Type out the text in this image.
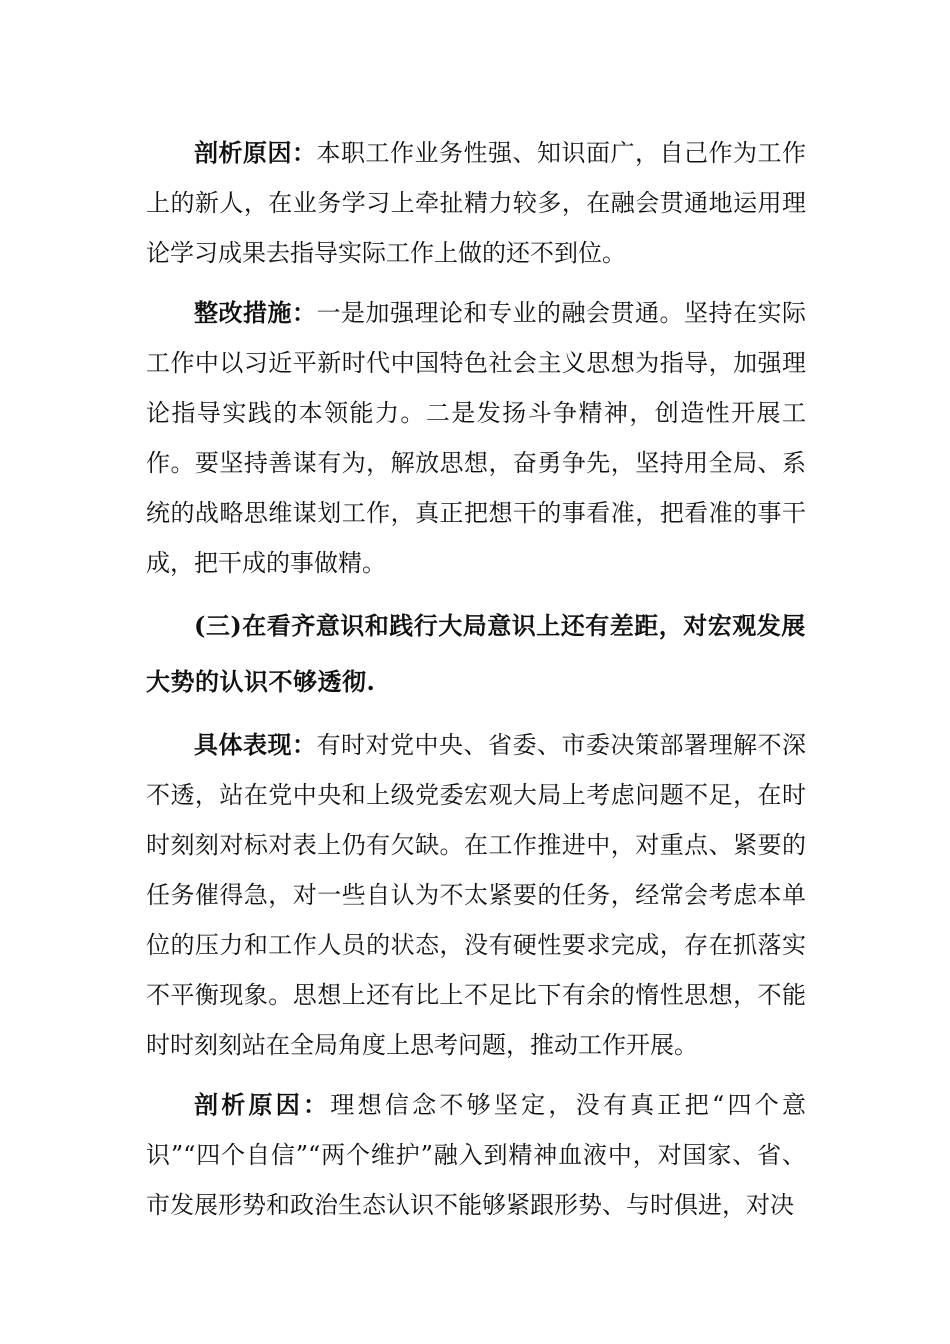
剖析原因：本职工作业务性强、知识面广，自己作为工作上的新人，在业务学习上牵扯精力较多，在融会贯通地运用理论学习成果去指导实际工作上做的还不到位。

整改措施：一是加强理论和专业的融会贯通。坚持在实际工作中以习近平新时代中国特色社会主义思想为指导，加强理论指导实践的本领能力。二是发扬斗争精神，创造性开展工作。要坚持善谋有为，解放思想，奋勇争先，坚持用全局、系统的战略思维谋划工作，真正把想干的事看准，把看准的事干成，把干成的事做精。

(三)在看齐意识和践行大局意识上还有差距，对宏观发展大势的认识不够透彻.

具体表现：有时对党中央、省委、市委决策部署理解不深不透，站在党中央和上级党委宏观大局上考虑问题不足，在时时刻刻对标对表上仍有欠缺。在工作推进中，对重点、紧要的任务催得急，对一些自认为不太紧要的任务，经常会考虑本单位的压力和工作人员的状态，没有硬性要求完成，存在抓落实不平衡现象。思想上还有比上不足比下有余的惰性思想，不能时时刻刻站在全局角度上思考问题，推动工作开展。

剖析原因：理想信念不够坚定，没有真正把“四个意识”“四个自信”“两个维护”融入到精神血液中，对国家、省、市发展形势和政治生态认识不能够紧跟形势、与时俱进，对决
